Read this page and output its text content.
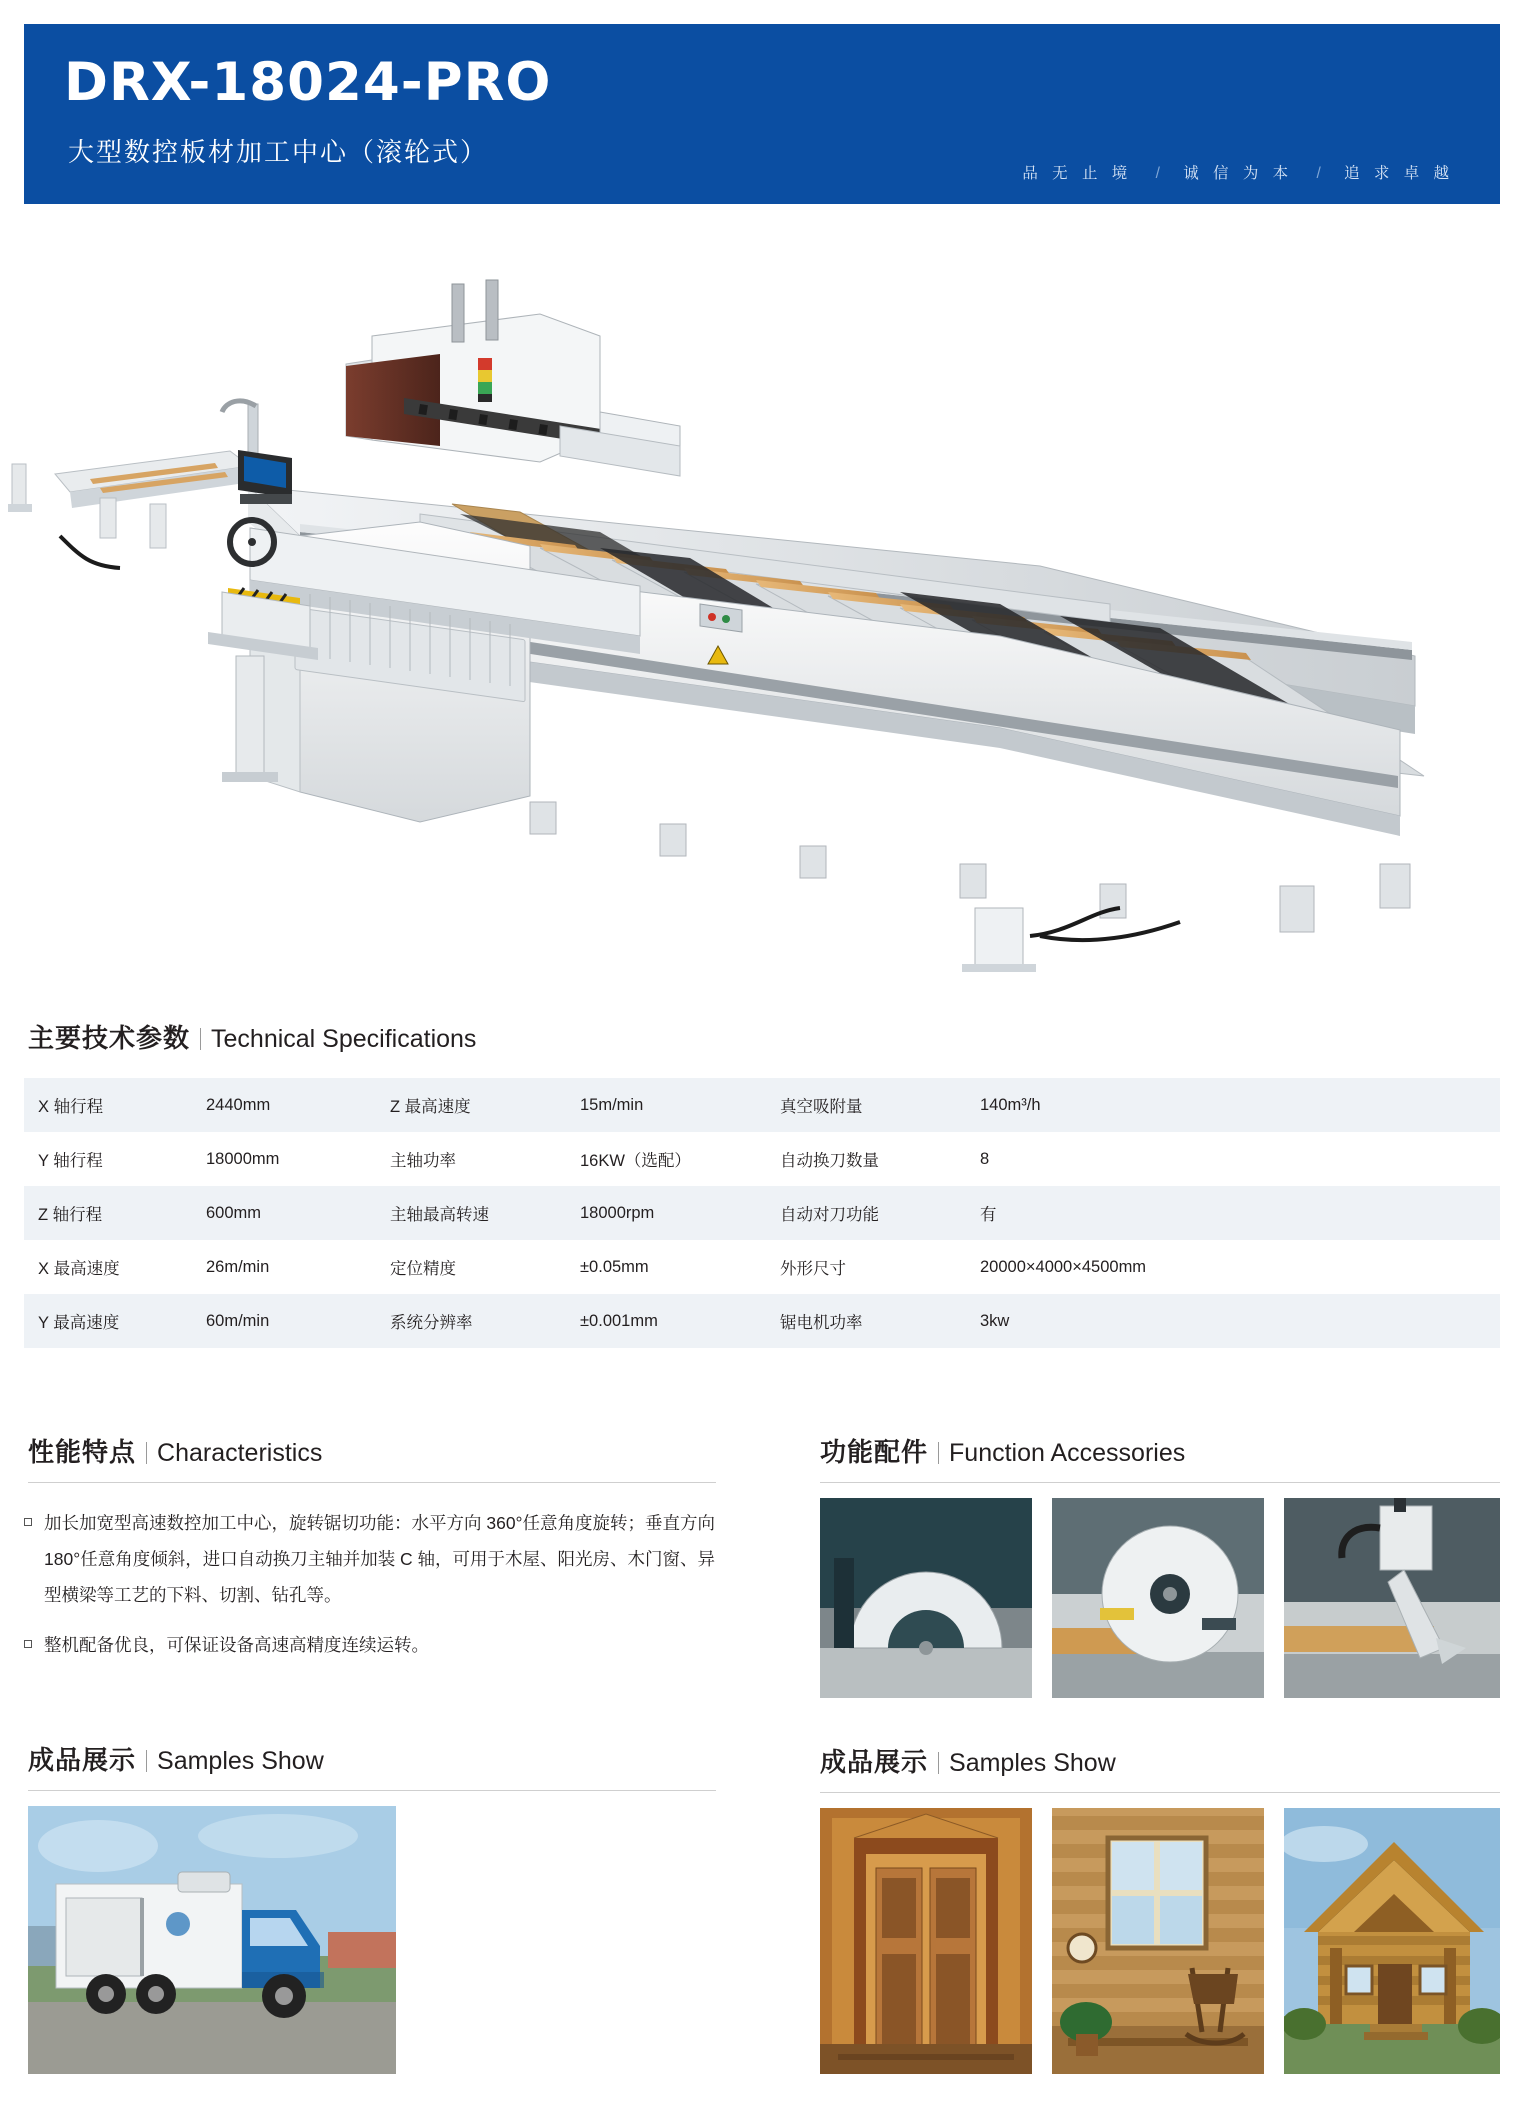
DRX-18024-PRO
大型数控板材加工中心（滚轮式）
品 无 止 境 / 诚 信 为 本 / 追 求 卓 越
主要技术参数 Technical Specifications
X 轴行程	2440mm	Z 最高速度	15m/min	真空吸附量	140m³/h
Y 轴行程	18000mm	主轴功率	16KW（选配）	自动换刀数量	8
Z 轴行程	600mm	主轴最高转速	18000rpm	自动对刀功能	有
X 最高速度	26m/min	定位精度	±0.05mm	外形尺寸	20000×4000×4500mm
Y 最高速度	60m/min	系统分辨率	±0.001mm	锯电机功率	3kw
性能特点 Characteristics
加长加宽型高速数控加工中心，旋转锯切功能：水平方向 360°任意角度旋转；垂直方向 180°任意角度倾斜，进口自动换刀主轴并加装 C 轴，可用于木屋、阳光房、木门窗、异型横梁等工艺的下料、切割、钻孔等。
整机配备优良，可保证设备高速高精度连续运转。
功能配件 Function Accessories
成品展示 Samples Show	成品展示 Samples Show
